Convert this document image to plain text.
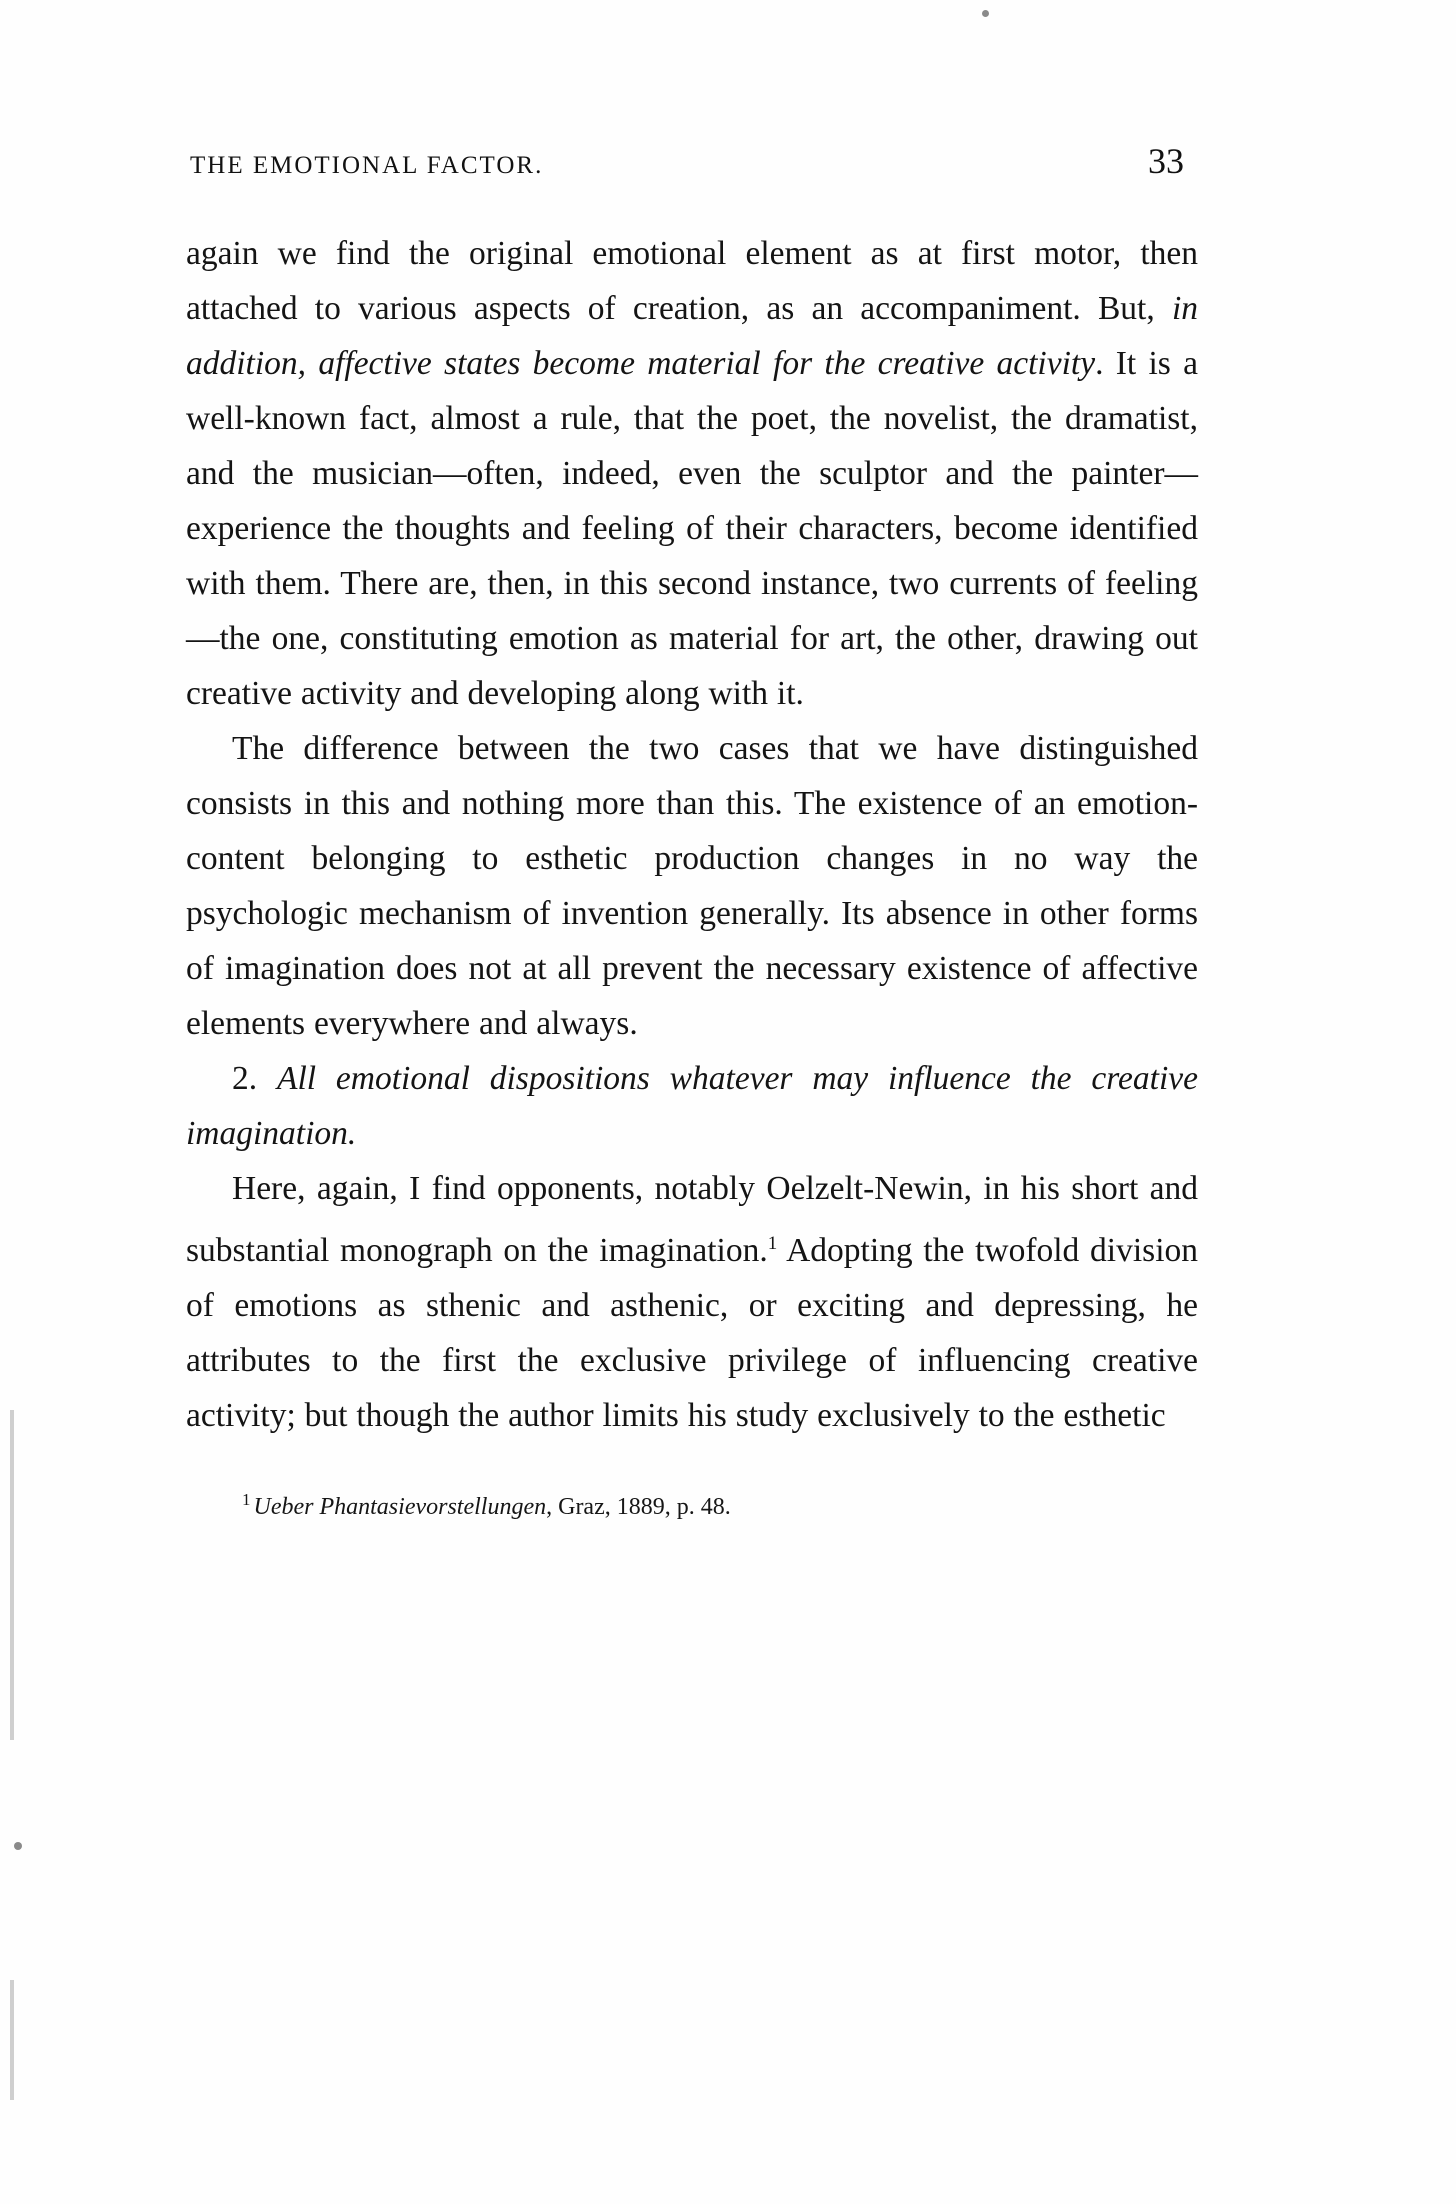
THE EMOTIONAL FACTOR.	33

again we find the original emotional element as at first motor, then attached to various aspects of creation, as an accompaniment. But, in addition, affective states become material for the creative activity. It is a well-known fact, almost a rule, that the poet, the novelist, the dramatist, and the musician—often, indeed, even the sculptor and the painter—experience the thoughts and feeling of their characters, become identified with them. There are, then, in this second instance, two currents of feeling —the one, constituting emotion as material for art, the other, drawing out creative activity and developing along with it.

The difference between the two cases that we have distinguished consists in this and nothing more than this. The existence of an emotion-content belonging to esthetic production changes in no way the psychologic mechanism of invention generally. Its absence in other forms of imagination does not at all prevent the necessary existence of affective elements everywhere and always.

2. All emotional dispositions whatever may influence the creative imagination.

Here, again, I find opponents, notably Oelzelt-Newin, in his short and substantial monograph on the imagination.$^1$ Adopting the twofold division of emotions as sthenic and asthenic, or exciting and depressing, he attributes to the first the exclusive privilege of influencing creative activity; but though the author limits his study exclusively to the esthetic

$^1$ Ueber Phantasievorstellungen, Graz, 1889, p. 48.
